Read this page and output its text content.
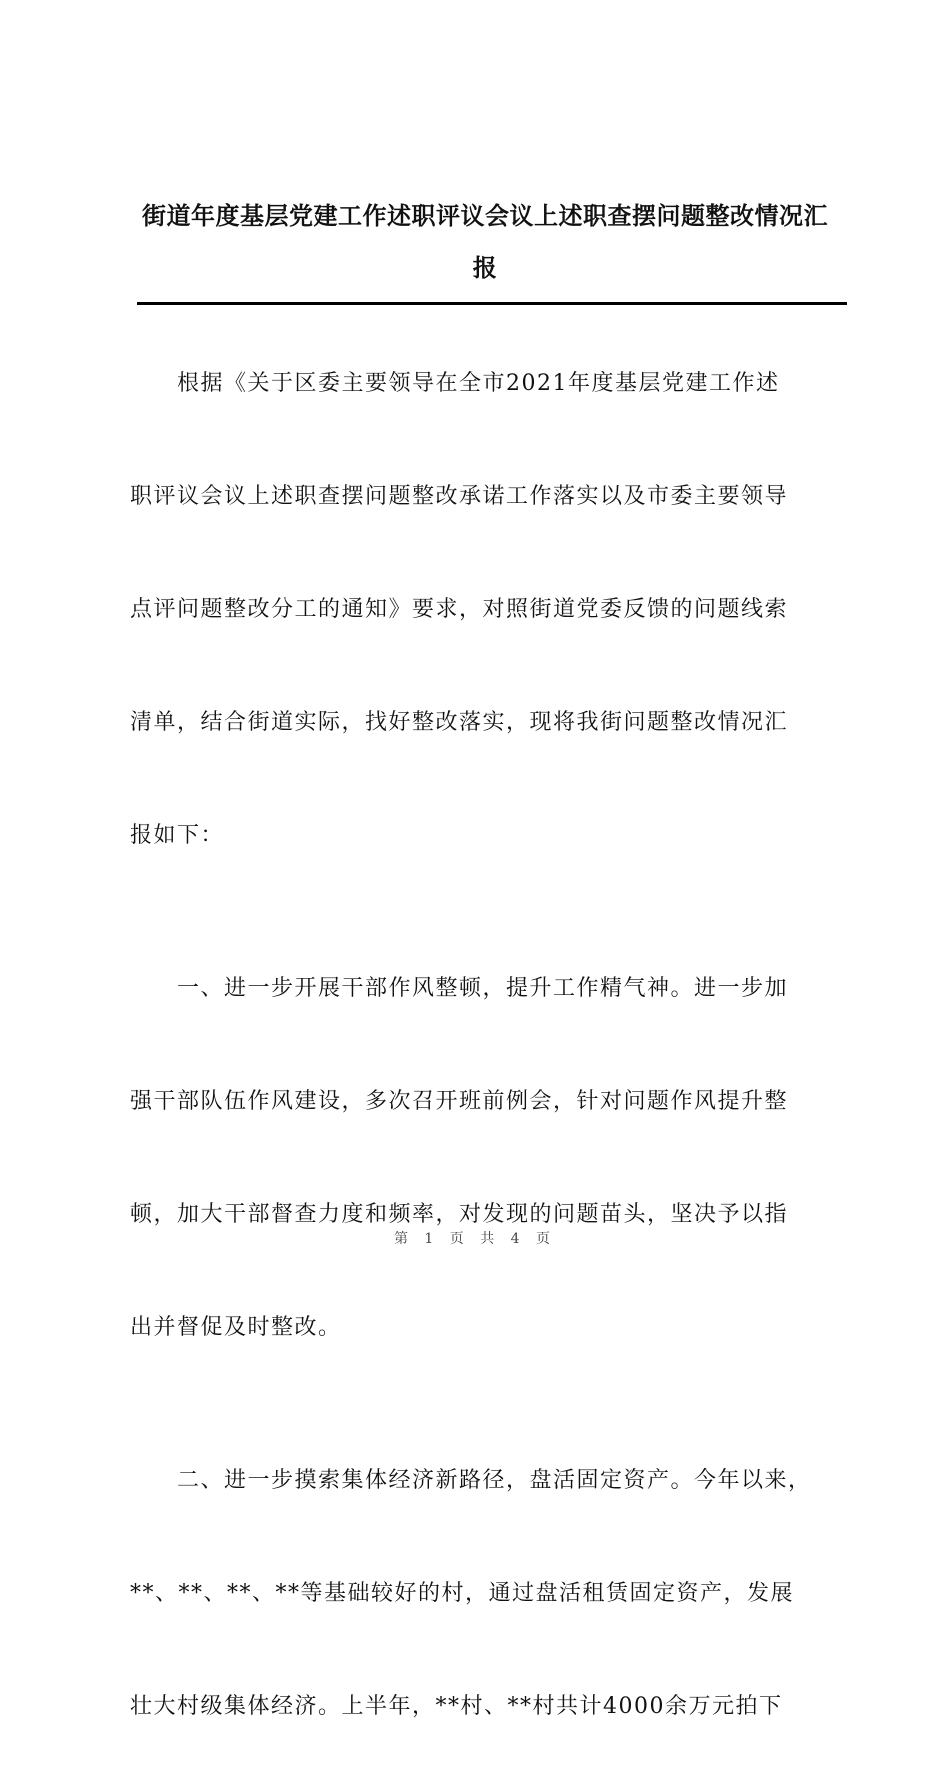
街道年度基层党建工作述职评议会议上述职查摆问题整改情况汇
报

　　根据《关于区委主要领导在全市2021年度基层党建工作述

职评议会议上述职查摆问题整改承诺工作落实以及市委主要领导

点评问题整改分工的通知》要求，对照街道党委反馈的问题线索

清单，结合街道实际，找好整改落实，现将我街问题整改情况汇

报如下：

　　一、进一步开展干部作风整顿，提升工作精气神。进一步加

强干部队伍作风建设，多次召开班前例会，针对问题作风提升整

顿，加大干部督查力度和频率，对发现的问题苗头，坚决予以指

出并督促及时整改。

　　二、进一步摸索集体经济新路径，盘活固定资产。今年以来，

**、**、**、**等基础较好的村，通过盘活租赁固定资产，发展

壮大村级集体经济。上半年，**村、**村共计4000余万元拍下

第 1 页 共 4 页
